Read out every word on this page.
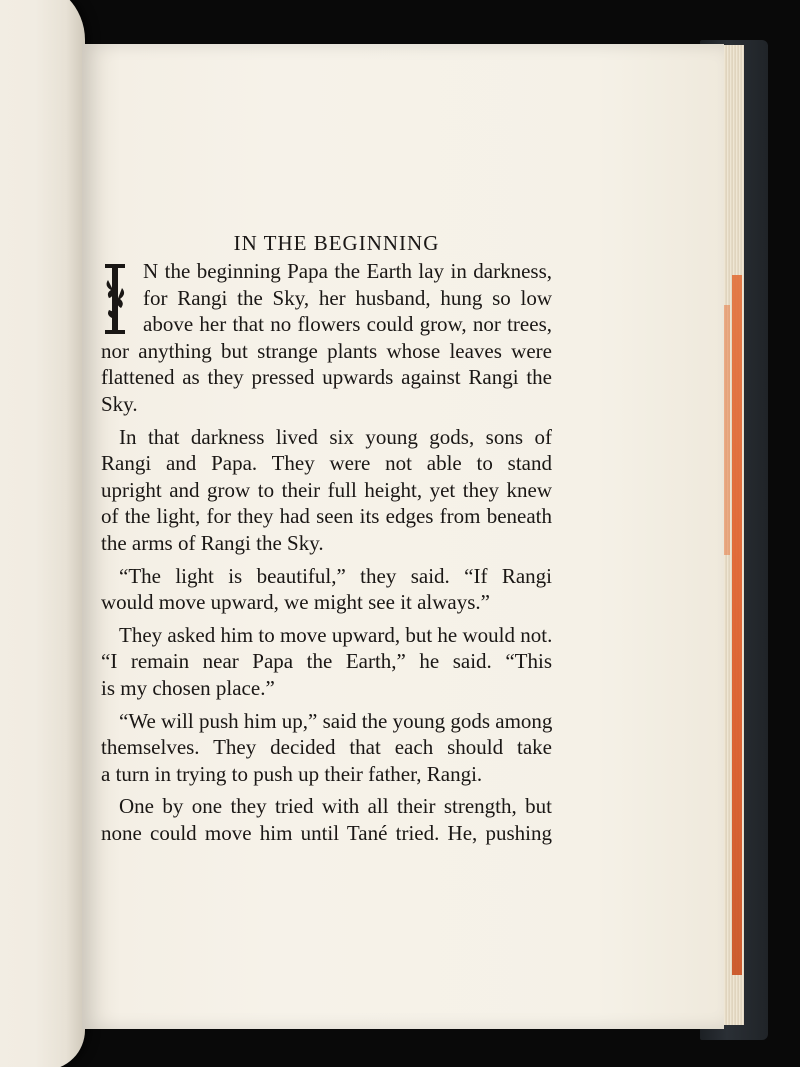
IN THE BEGINNING
I	N the beginning Papa the Earth lay in darkness,
for Rangi the Sky, her husband, hung so low
above her that no flowers could grow, nor trees,
nor anything but strange plants whose leaves were
flattened as they pressed upwards against Rangi the
Sky.
In that darkness lived six young gods, sons of
Rangi and Papa. They were not able to stand
upright and grow to their full height, yet they knew
of the light, for they had seen its edges from beneath
the arms of Rangi the Sky.
“The light is beautiful,” they said. “If Rangi
would move upward, we might see it always.”
They asked him to move upward, but he would not.
“I remain near Papa the Earth,” he said. “This
is my chosen place.”
“We will push him up,” said the young gods among
themselves. They decided that each should take
a turn in trying to push up their father, Rangi.
One by one they tried with all their strength, but
none could move him until Tané tried. He, pushing
